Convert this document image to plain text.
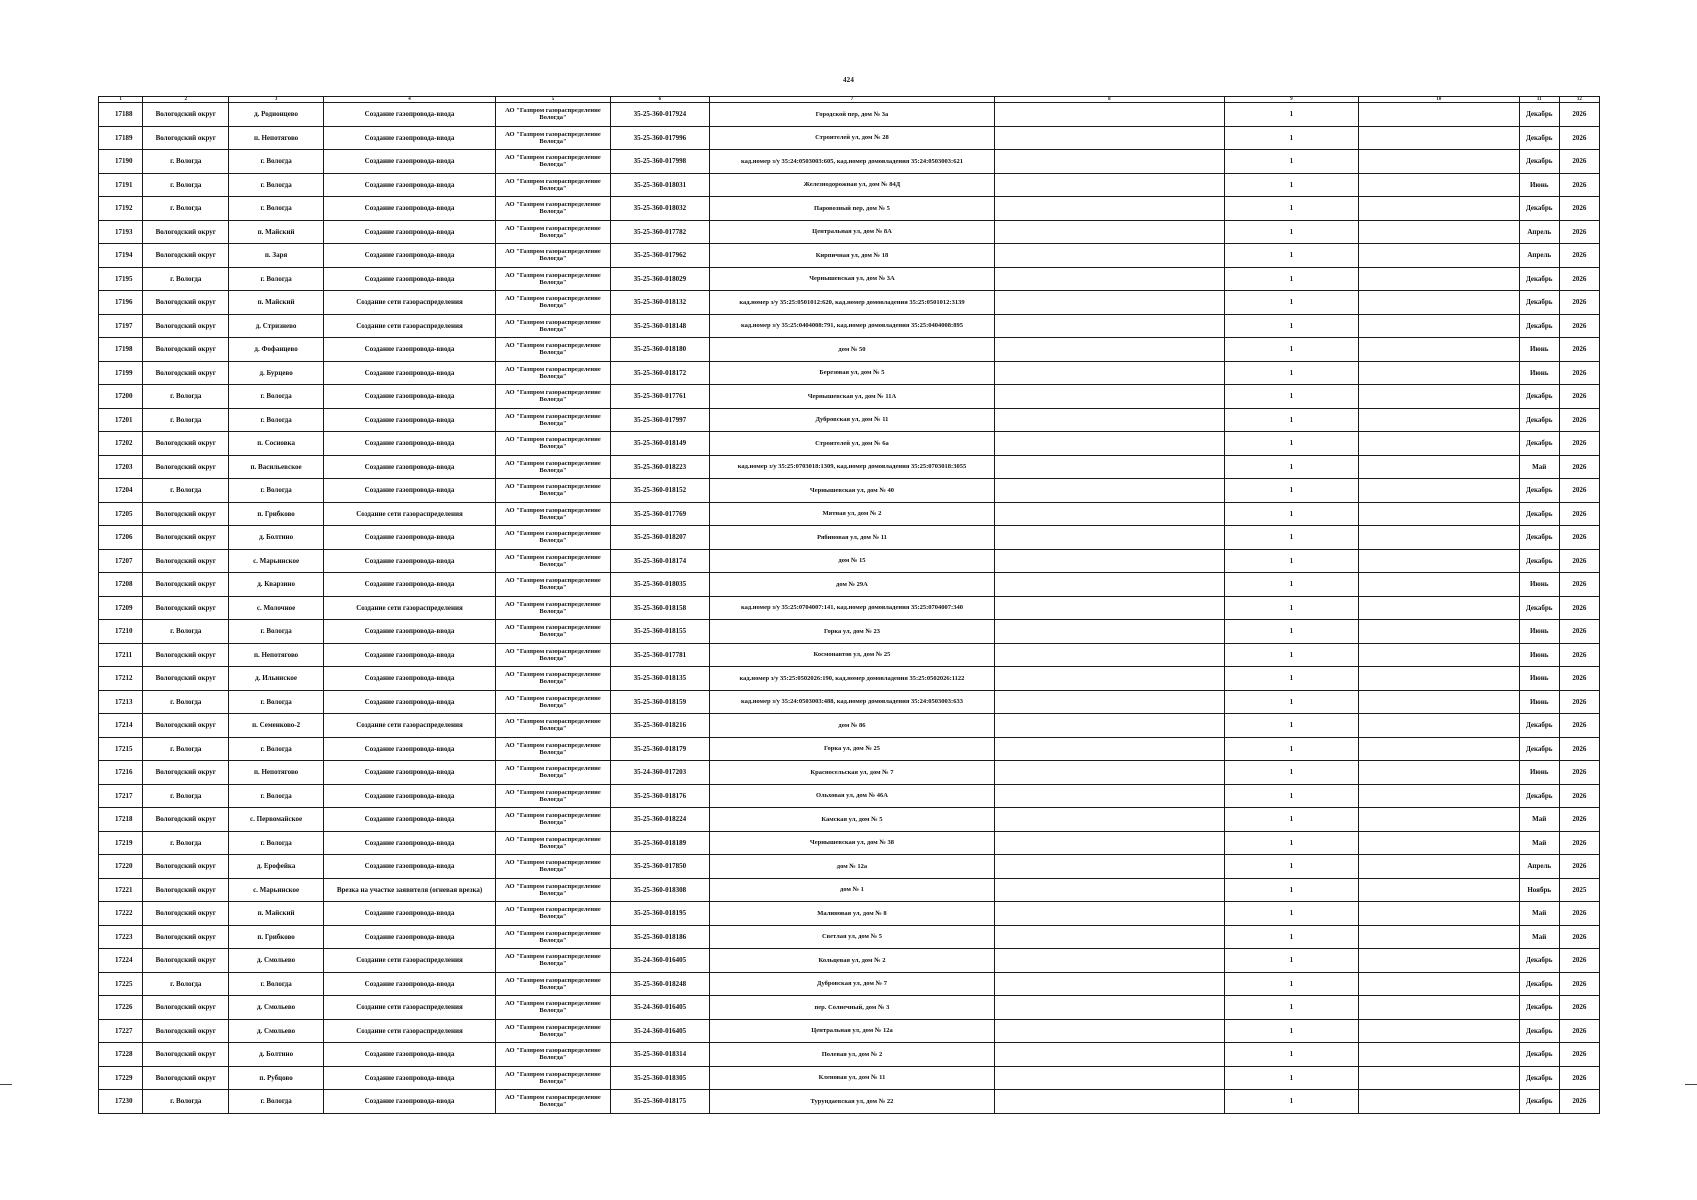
424
1	2	3	4	5	6	7	8	9	10	11	12
17188	Вологодский округ	д. Родионцево	Создание газопровода-ввода	АО "Газпром газораспределение Вологда"	35-25-360-017924	Городской пер, дом № 3а		1		Декабрь	2026
17189	Вологодский округ	п. Непотягово	Создание газопровода-ввода	АО "Газпром газораспределение Вологда"	35-25-360-017996	Строителей ул, дом № 28		1		Декабрь	2026
17190	г. Вологда	г. Вологда	Создание газопровода-ввода	АО "Газпром газораспределение Вологда"	35-25-360-017998	кад.номер з/у 35:24:0503003:605, кад.номер домовладения 35:24:0503003:621		1		Декабрь	2026
17191	г. Вологда	г. Вологда	Создание газопровода-ввода	АО "Газпром газораспределение Вологда"	35-25-360-018031	Железнодорожная ул, дом № 84Д		1		Июнь	2026
17192	г. Вологда	г. Вологда	Создание газопровода-ввода	АО "Газпром газораспределение Вологда"	35-25-360-018032	Паровозный пер, дом № 5		1		Декабрь	2026
17193	Вологодский округ	п. Майский	Создание газопровода-ввода	АО "Газпром газораспределение Вологда"	35-25-360-017782	Центральная ул, дом № 8А		1		Апрель	2026
17194	Вологодский округ	п. Заря	Создание газопровода-ввода	АО "Газпром газораспределение Вологда"	35-25-360-017962	Кирпичная ул, дом № 18		1		Апрель	2026
17195	г. Вологда	г. Вологда	Создание газопровода-ввода	АО "Газпром газораспределение Вологда"	35-25-360-018029	Чернышевская ул, дом № 3А		1		Декабрь	2026
17196	Вологодский округ	п. Майский	Создание сети газораспределения	АО "Газпром газораспределение Вологда"	35-25-360-018132	кад.номер з/у 35:25:0501012:620, кад.номер домовладения 35:25:0501012:3139		1		Декабрь	2026
17197	Вологодский округ	д. Стризнево	Создание сети газораспределения	АО "Газпром газораспределение Вологда"	35-25-360-018148	кад.номер з/у 35:25:0404008:791, кад.номер домовладения 35:25:0404008:895		1		Декабрь	2026
17198	Вологодский округ	д. Фофанцево	Создание газопровода-ввода	АО "Газпром газораспределение Вологда"	35-25-360-018180	дом № 50		1		Июнь	2026
17199	Вологодский округ	д. Бурцево	Создание газопровода-ввода	АО "Газпром газораспределение Вологда"	35-25-360-018172	Березовая ул, дом № 5		1		Июнь	2026
17200	г. Вологда	г. Вологда	Создание газопровода-ввода	АО "Газпром газораспределение Вологда"	35-25-360-017761	Чернышевская ул, дом № 11А		1		Декабрь	2026
17201	г. Вологда	г. Вологда	Создание газопровода-ввода	АО "Газпром газораспределение Вологда"	35-25-360-017997	Дубровская ул, дом № 11		1		Декабрь	2026
17202	Вологодский округ	п. Сосновка	Создание газопровода-ввода	АО "Газпром газораспределение Вологда"	35-25-360-018149	Строителей ул, дом № 6а		1		Декабрь	2026
17203	Вологодский округ	п. Васильевское	Создание газопровода-ввода	АО "Газпром газораспределение Вологда"	35-25-360-018223	кад.номер з/у 35:25:0703018:1309, кад.номер домовладения 35:25:0703018:3055		1		Май	2026
17204	г. Вологда	г. Вологда	Создание газопровода-ввода	АО "Газпром газораспределение Вологда"	35-25-360-018152	Чернышевская ул, дом № 40		1		Декабрь	2026
17205	Вологодский округ	п. Грибково	Создание сети газораспределения	АО "Газпром газораспределение Вологда"	35-25-360-017769	Мятная ул, дом № 2		1		Декабрь	2026
17206	Вологодский округ	д. Болтино	Создание газопровода-ввода	АО "Газпром газораспределение Вологда"	35-25-360-018207	Рябиновая ул, дом № 11		1		Декабрь	2026
17207	Вологодский округ	с. Марьинское	Создание газопровода-ввода	АО "Газпром газораспределение Вологда"	35-25-360-018174	дом № 15		1		Декабрь	2026
17208	Вологодский округ	д. Кварзино	Создание газопровода-ввода	АО "Газпром газораспределение Вологда"	35-25-360-018035	дом № 29А		1		Июнь	2026
17209	Вологодский округ	с. Молочное	Создание сети газораспределения	АО "Газпром газораспределение Вологда"	35-25-360-018158	кад.номер з/у 35:25:0704007:141, кад.номер домовладения 35:25:0704007:340		1		Декабрь	2026
17210	г. Вологда	г. Вологда	Создание газопровода-ввода	АО "Газпром газораспределение Вологда"	35-25-360-018155	Горка ул, дом № 23		1		Июнь	2026
17211	Вологодский округ	п. Непотягово	Создание газопровода-ввода	АО "Газпром газораспределение Вологда"	35-25-360-017781	Космонавтов ул, дом № 25		1		Июнь	2026
17212	Вологодский округ	д. Ильинское	Создание газопровода-ввода	АО "Газпром газораспределение Вологда"	35-25-360-018135	кад.номер з/у 35:25:0502026:190, кад.номер домовладения 35:25:0502026:1122		1		Июнь	2026
17213	г. Вологда	г. Вологда	Создание газопровода-ввода	АО "Газпром газораспределение Вологда"	35-25-360-018159	кад.номер з/у 35:24:0503003:488, кад.номер домовладения 35:24:0503003:633		1		Июнь	2026
17214	Вологодский округ	п. Семенково-2	Создание сети газораспределения	АО "Газпром газораспределение Вологда"	35-25-360-018216	дом № 86		1		Декабрь	2026
17215	г. Вологда	г. Вологда	Создание газопровода-ввода	АО "Газпром газораспределение Вологда"	35-25-360-018179	Горка ул, дом № 25		1		Декабрь	2026
17216	Вологодский округ	п. Непотягово	Создание газопровода-ввода	АО "Газпром газораспределение Вологда"	35-24-360-017203	Красносельская ул, дом № 7		1		Июнь	2026
17217	г. Вологда	г. Вологда	Создание газопровода-ввода	АО "Газпром газораспределение Вологда"	35-25-360-018176	Ольховая ул, дом № 46А		1		Декабрь	2026
17218	Вологодский округ	с. Первомайское	Создание газопровода-ввода	АО "Газпром газораспределение Вологда"	35-25-360-018224	Камская ул, дом № 5		1		Май	2026
17219	г. Вологда	г. Вологда	Создание газопровода-ввода	АО "Газпром газораспределение Вологда"	35-25-360-018189	Чернышевская ул, дом № 38		1		Май	2026
17220	Вологодский округ	д. Ерофейка	Создание газопровода-ввода	АО "Газпром газораспределение Вологда"	35-25-360-017850	дом № 12а		1		Апрель	2026
17221	Вологодский округ	с. Марьинское	Врезка на участке заявителя (огневая врезка)	АО "Газпром газораспределение Вологда"	35-25-360-018308	дом № 1		1		Ноябрь	2025
17222	Вологодский округ	п. Майский	Создание газопровода-ввода	АО "Газпром газораспределение Вологда"	35-25-360-018195	Малиновая ул, дом № 8		1		Май	2026
17223	Вологодский округ	п. Грибково	Создание газопровода-ввода	АО "Газпром газораспределение Вологда"	35-25-360-018186	Светлая ул, дом № 5		1		Май	2026
17224	Вологодский округ	д. Смольево	Создание сети газораспределения	АО "Газпром газораспределение Вологда"	35-24-360-016405	Кольцевая ул, дом № 2		1		Декабрь	2026
17225	г. Вологда	г. Вологда	Создание газопровода-ввода	АО "Газпром газораспределение Вологда"	35-25-360-018248	Дубровская ул, дом № 7		1		Декабрь	2026
17226	Вологодский округ	д. Смольево	Создание сети газораспределения	АО "Газпром газораспределение Вологда"	35-24-360-016405	пер. Солнечный, дом № 3		1		Декабрь	2026
17227	Вологодский округ	д. Смольево	Создание сети газораспределения	АО "Газпром газораспределение Вологда"	35-24-360-016405	Центральная ул, дом № 12а		1		Декабрь	2026
17228	Вологодский округ	д. Болтино	Создание газопровода-ввода	АО "Газпром газораспределение Вологда"	35-25-360-018314	Полевая ул, дом № 2		1		Декабрь	2026
17229	Вологодский округ	п. Рубцово	Создание газопровода-ввода	АО "Газпром газораспределение Вологда"	35-25-360-018305	Кленовая ул, дом № 11		1		Декабрь	2026
17230	г. Вологда	г. Вологда	Создание газопровода-ввода	АО "Газпром газораспределение Вологда"	35-25-360-018175	Турундаевская ул, дом № 22		1		Декабрь	2026
